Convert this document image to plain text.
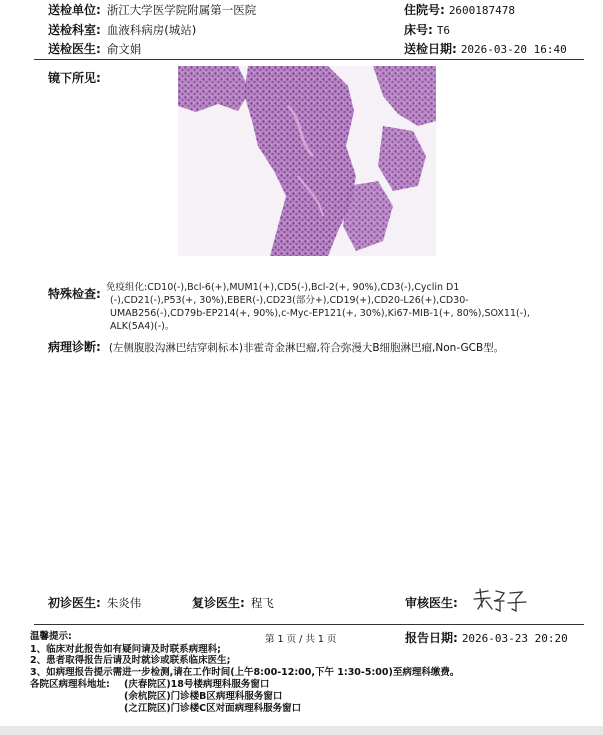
送检单位: 浙江大学医学院附属第一医院	住院号: 2600187478
送检科室: 血液科病房(城站)	床号: T6
送检医生: 俞文娟	送检日期: 2026-03-20 16:40
镜下所见:
特殊检查: 免疫组化:CD10(-),Bcl-6(+),MUM1(+),CD5(-),Bcl-2(+, 90%),CD3(-),Cyclin D1
(-),CD21(-),P53(+, 30%),EBER(-),CD23(部分+),CD19(+),CD20-L26(+),CD30-
UMAB256(-),CD79b-EP214(+, 90%),c-Myc-EP121(+, 30%),Ki67-MIB-1(+, 80%),SOX11(-),
ALK(5A4)(-)。
病理诊断: (左侧腹股沟淋巴结穿刺标本)非霍奇金淋巴瘤,符合弥漫大B细胞淋巴瘤,Non-GCB型。
初诊医生: 朱炎伟	复诊医生: 程飞	审核医生:
温馨提示:	第 1 页 / 共 1 页	报告日期: 2026-03-23 20:20
1、临床对此报告如有疑问请及时联系病理科;
2、患者取得报告后请及时就诊或联系临床医生;
3、如病理报告提示需进一步检测,请在工作时间(上午8:00-12:00,下午 1:30-5:00)至病理科缴费。
各院区病理科地址: (庆春院区)18号楼病理科服务窗口
(余杭院区)门诊楼B区病理科服务窗口
(之江院区)门诊楼C区对面病理科服务窗口
